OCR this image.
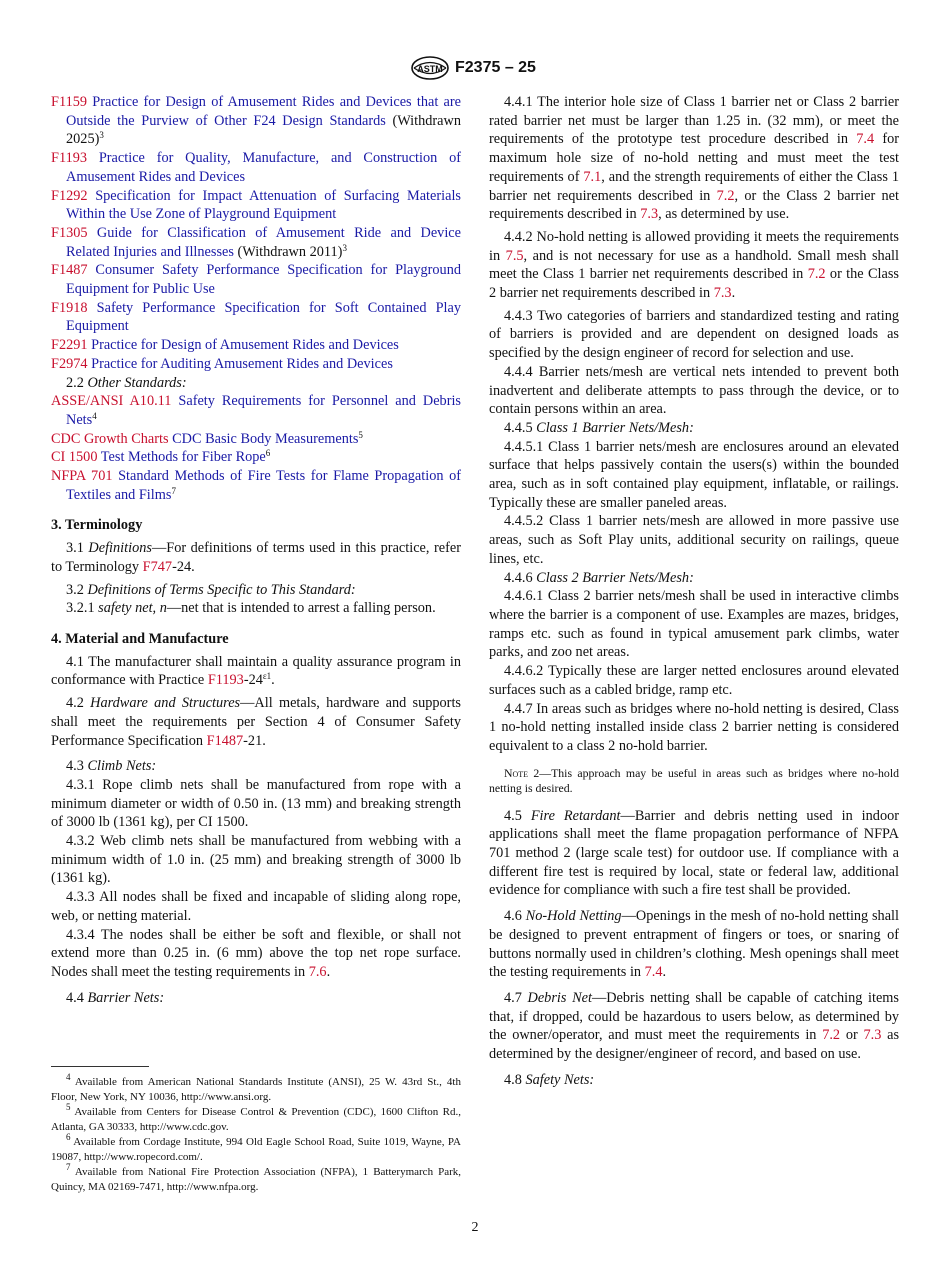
ASTM F2375 – 25

F1159 Practice for Design of Amusement Rides and Devices that are Outside the Purview of Other F24 Design Standards (Withdrawn 2025)$^3$

F1193 Practice for Quality, Manufacture, and Construction of Amusement Rides and Devices

F1292 Specification for Impact Attenuation of Surfacing Materials Within the Use Zone of Playground Equipment

F1305 Guide for Classification of Amusement Ride and Device Related Injuries and Illnesses (Withdrawn 2011)$^3$

F1487 Consumer Safety Performance Specification for Playground Equipment for Public Use

F1918 Safety Performance Specification for Soft Contained Play Equipment

F2291 Practice for Design of Amusement Rides and Devices

F2974 Practice for Auditing Amusement Rides and Devices

2.2 Other Standards:

ASSE/ANSI A10.11 Safety Requirements for Personnel and Debris Nets$^4$

CDC Growth Charts CDC Basic Body Measurements$^5$

CI 1500 Test Methods for Fiber Rope$^6$

NFPA 701 Standard Methods of Fire Tests for Flame Propagation of Textiles and Films$^7$

3. Terminology

3.1 Definitions—For definitions of terms used in this practice, refer to Terminology F747-24.

3.2 Definitions of Terms Specific to This Standard:

3.2.1 safety net, n—net that is intended to arrest a falling person.

4. Material and Manufacture

4.1 The manufacturer shall maintain a quality assurance program in conformance with Practice $F1193-24^{\varepsilon 1}$.

4.2 Hardware and Structures—All metals, hardware and supports shall meet the requirements per Section 4 of Consumer Safety Performance Specification F1487-21.

4.3 Climb Nets:

4.3.1 Rope climb nets shall be manufactured from rope with a minimum diameter or width of 0.50 in. (13 mm) and breaking strength of 3000 lb (1361 kg), per CI 1500.

4.3.2 Web climb nets shall be manufactured from webbing with a minimum width of 1.0 in. (25 mm) and breaking strength of 3000 lb (1361 kg).

4.3.3 All nodes shall be fixed and incapable of sliding along rope, web, or netting material.

4.3.4 The nodes shall be either be soft and flexible, or shall not extend more than 0.25 in. (6 mm) above the top net rope surface. Nodes shall meet the testing requirements in 7.6.

4.4 Barrier Nets:

4.4.1 The interior hole size of Class 1 barrier net or Class 2 barrier rated barrier net must be larger than 1.25 in. (32 mm), or meet the requirements of the prototype test procedure described in 7.4 for maximum hole size of no-hold netting and must meet the test requirements of 7.1, and the strength requirements of either the Class 1 barrier net requirements described in 7.2, or the Class 2 barrier net requirements described in 7.3, as determined by use.

4.4.2 No-hold netting is allowed providing it meets the requirements in 7.5, and is not necessary for use as a handhold. Small mesh shall meet the Class 1 barrier net requirements described in 7.2 or the Class 2 barrier net requirements described in 7.3.

4.4.3 Two categories of barriers and standardized testing and rating of barriers is provided and are dependent on designed loads as specified by the design engineer of record for selection and use.

4.4.4 Barrier nets/mesh are vertical nets intended to prevent both inadvertent and deliberate attempts to pass through the device, or to contain persons within an area.

4.4.5 Class 1 Barrier Nets/Mesh:

4.4.5.1 Class 1 barrier nets/mesh are enclosures around an elevated surface that helps passively contain the users(s) within the bounded area, such as in soft contained play equipment, inflatable, or railings. Typically these are smaller paneled areas.

4.4.5.2 Class 1 barrier nets/mesh are allowed in more passive use areas, such as Soft Play units, additional security on railings, queue lines, etc.

4.4.6 Class 2 Barrier Nets/Mesh:

4.4.6.1 Class 2 barrier nets/mesh shall be used in interactive climbs where the barrier is a component of use. Examples are mazes, bridges, ramps etc. such as found in typical amusement park climbs, water parks, and zoo net areas.

4.4.6.2 Typically these are larger netted enclosures around elevated surfaces such as a cabled bridge, ramp etc.

4.4.7 In areas such as bridges where no-hold netting is desired, Class 1 no-hold netting installed inside class 2 barrier netting is considered equivalent to a class 2 no-hold barrier.

Note 2—This approach may be useful in areas such as bridges where no-hold netting is desired.

4.5 Fire Retardant—Barrier and debris netting used in indoor applications shall meet the flame propagation performance of NFPA 701 method 2 (large scale test) for outdoor use. If compliance with a different fire test is required by local, state or federal law, additional evidence for compliance with such a fire test shall be provided.

4.6 No-Hold Netting—Openings in the mesh of no-hold netting shall be designed to prevent entrapment of fingers or toes, or snaring of buttons normally used in children’s clothing. Mesh openings shall meet the testing requirements in 7.4.

4.7 Debris Net—Debris netting shall be capable of catching items that, if dropped, could be hazardous to users below, as determined by the owner/operator, and must meet the requirements in 7.2 or 7.3 as determined by the designer/engineer of record, and based on use.

4.8 Safety Nets:

$^4$ Available from American National Standards Institute (ANSI), 25 W. 43rd St., 4th Floor, New York, NY 10036, http://www.ansi.org.

$^5$ Available from Centers for Disease Control & Prevention (CDC), 1600 Clifton Rd., Atlanta, GA 30333, http://www.cdc.gov.

$^6$ Available from Cordage Institute, 994 Old Eagle School Road, Suite 1019, Wayne, PA 19087, http://www.ropecord.com/.

$^7$ Available from National Fire Protection Association (NFPA), 1 Batterymarch Park, Quincy, MA 02169-7471, http://www.nfpa.org.

2
